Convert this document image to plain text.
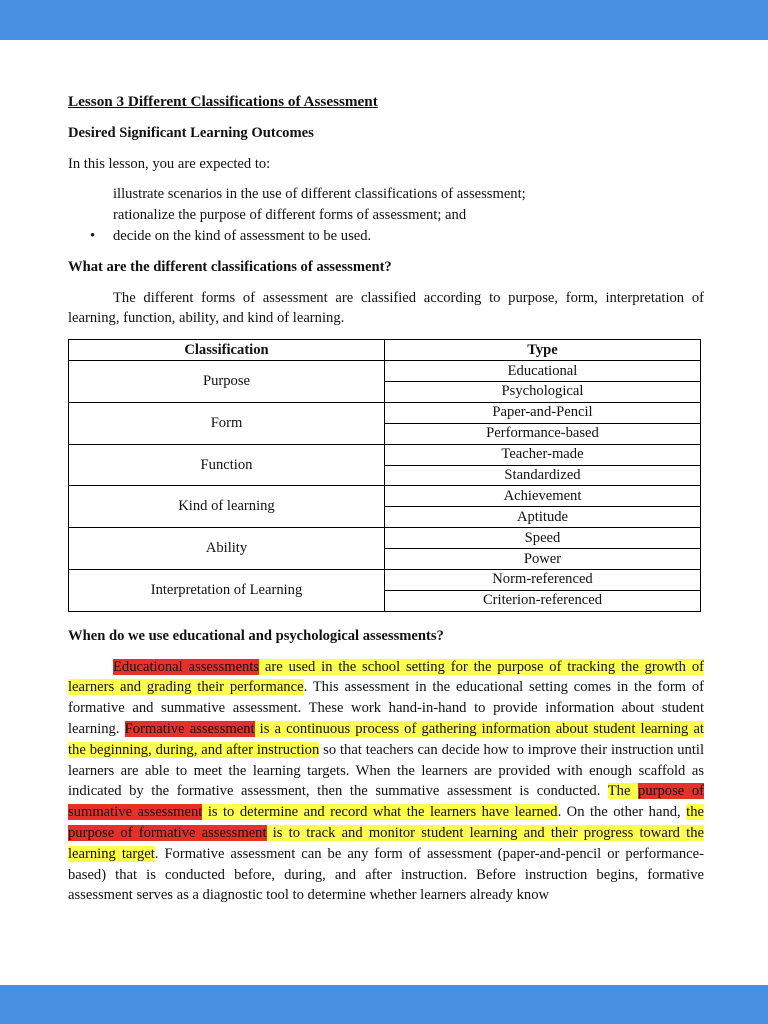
Lesson 3 Different Classifications of Assessment
Desired Significant Learning Outcomes
In this lesson, you are expected to:
illustrate scenarios in the use of different classifications of assessment;
rationalize the purpose of different forms of assessment; and
• decide on the kind of assessment to be used.
What are the different classifications of assessment?
The different forms of assessment are classified according to purpose, form, interpretation of learning, function, ability, and kind of learning.
Classification	Type
Purpose	Educational
	Psychological
Form	Paper-and-Pencil
	Performance-based
Function	Teacher-made
	Standardized
Kind of learning	Achievement
	Aptitude
Ability	Speed
	Power
Interpretation of Learning	Norm-referenced
	Criterion-referenced
When do we use educational and psychological assessments?
Educational assessments are used in the school setting for the purpose of tracking the growth of learners and grading their performance. This assessment in the educational setting comes in the form of formative and summative assessment. These work hand-in-hand to provide information about student learning. Formative assessment is a continuous process of gathering information about student learning at the beginning, during, and after instruction so that teachers can decide how to improve their instruction until learners are able to meet the learning targets. When the learners are provided with enough scaffold as indicated by the formative assessment, then the summative assessment is conducted. The purpose of summative assessment is to determine and record what the learners have learned. On the other hand, the purpose of formative assessment is to track and monitor student learning and their progress toward the learning target. Formative assessment can be any form of assessment (paper-and-pencil or performance-based) that is conducted before, during, and after instruction. Before instruction begins, formative assessment serves as a diagnostic tool to determine whether learners already know
